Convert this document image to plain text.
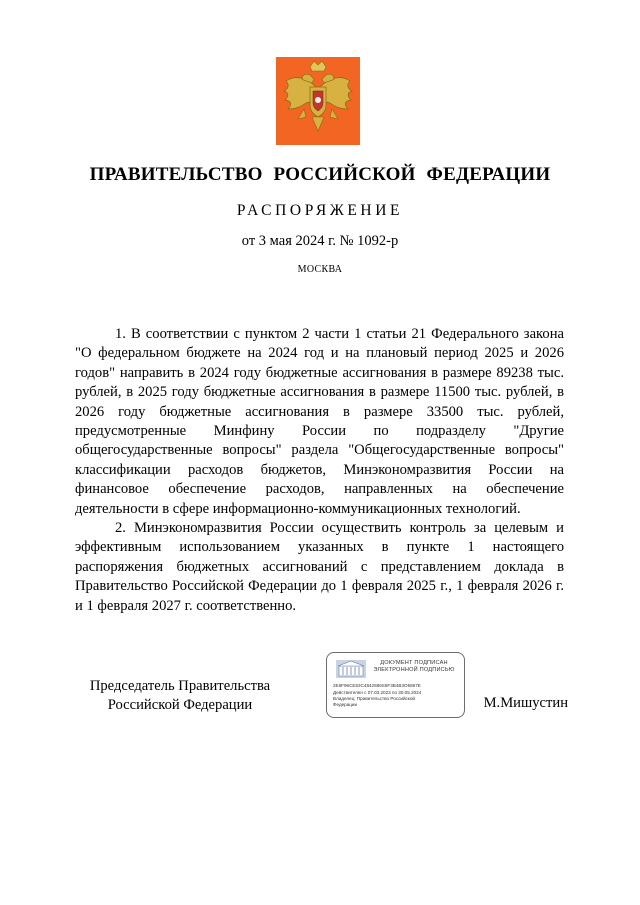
ПРАВИТЕЛЬСТВО РОССИЙСКОЙ ФЕДЕРАЦИИ
РАСПОРЯЖЕНИЕ
от 3 мая 2024 г. № 1092-р
МОСКВА

1. В соответствии с пунктом 2 части 1 статьи 21 Федерального закона "О федеральном бюджете на 2024 год и на плановый период 2025 и 2026 годов" направить в 2024 году бюджетные ассигнования в размере 89238 тыс. рублей, в 2025 году бюджетные ассигнования в размере 11500 тыс. рублей, в 2026 году бюджетные ассигнования в размере 33500 тыс. рублей, предусмотренные Минфину России по подразделу "Другие общегосударственные вопросы" раздела "Общегосударственные вопросы" классификации расходов бюджетов, Минэкономразвития России на финансовое обеспечение расходов, направленных на обеспечение деятельности в сфере информационно-коммуникационных технологий.

2. Минэкономразвития России осуществить контроль за целевым и эффективным использованием указанных в пункте 1 настоящего распоряжения бюджетных ассигнований с представлением доклада в Правительство Российской Федерации до 1 февраля 2025 г., 1 февраля 2026 г. и 1 февраля 2027 г. соответственно.

Председатель Правительства
Российской Федерации
ДОКУМЕНТ ПОДПИСАН
ЭЛЕКТРОННОЙ ПОДПИСЬЮ
2E6F96CE53C4842586S6F3B4B3O5867E
Действителен с 07.03.2023 по 30.05.2024
Владелец: Правительство Российской
Федерации	М.Мишустин
